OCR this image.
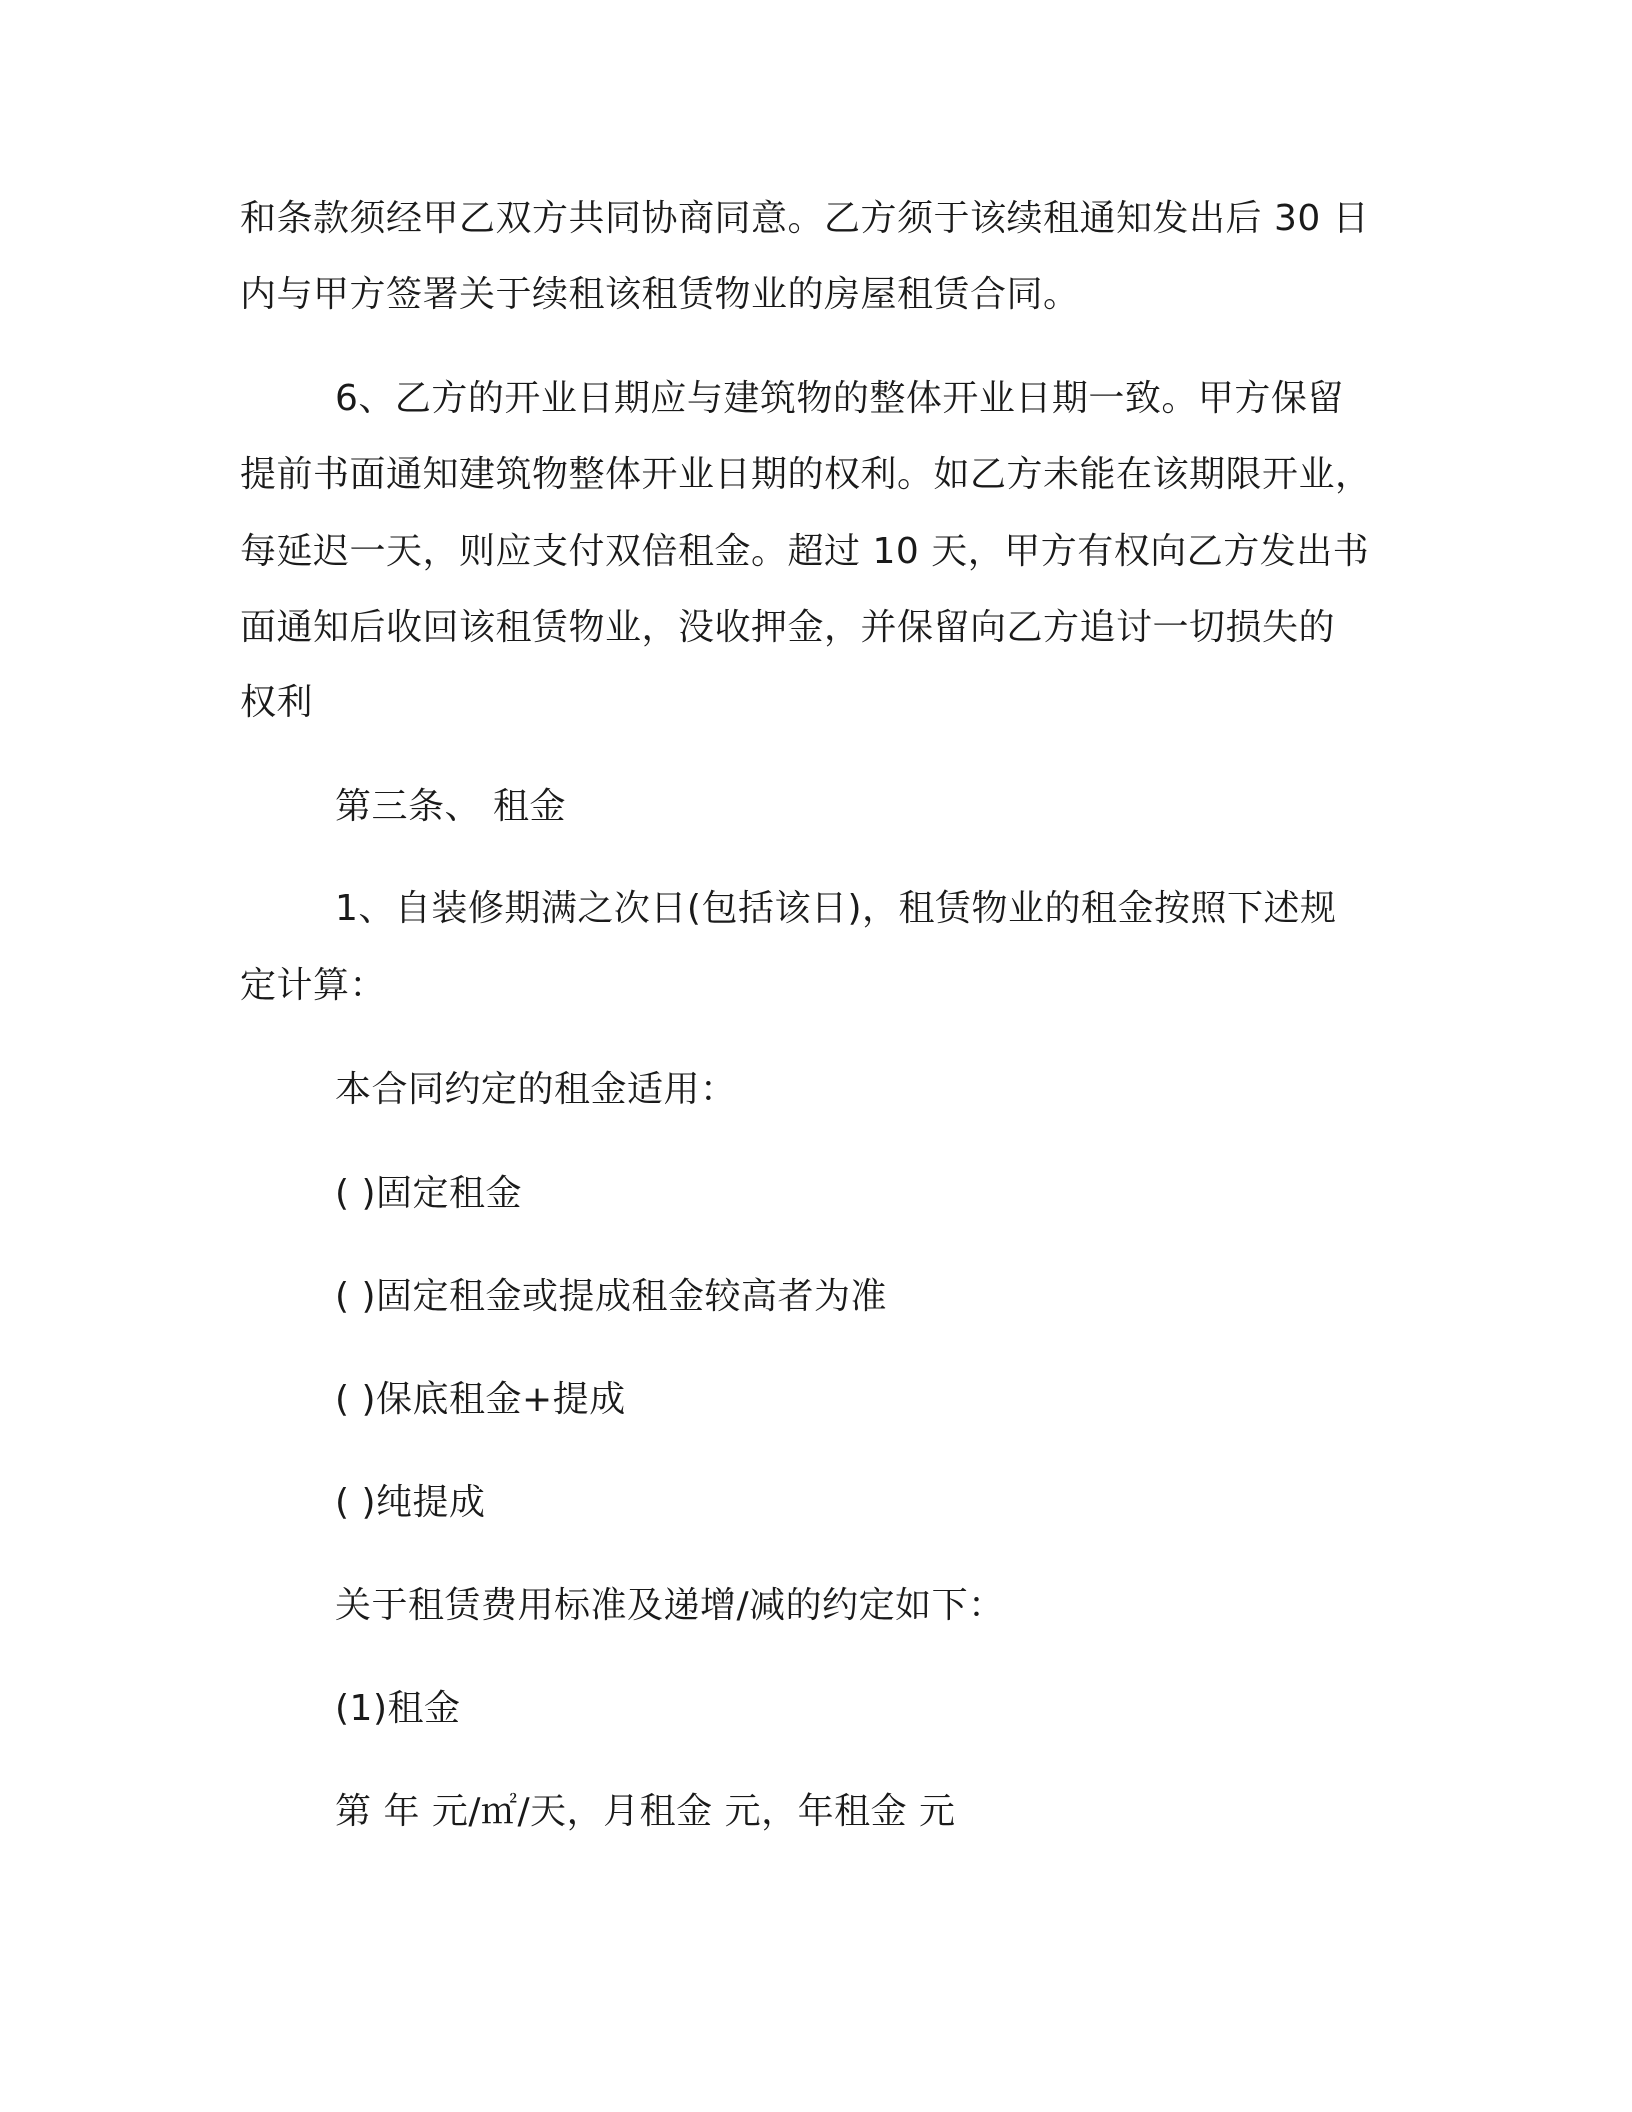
和条款须经甲乙双方共同协商同意。乙方须于该续租通知发出后 30 日
内与甲方签署关于续租该租赁物业的房屋租赁合同。
6、乙方的开业日期应与建筑物的整体开业日期一致。甲方保留
提前书面通知建筑物整体开业日期的权利。如乙方未能在该期限开业，
每延迟一天，则应支付双倍租金。超过 10 天，甲方有权向乙方发出书
面通知后收回该租赁物业，没收押金，并保留向乙方追讨一切损失的
权利
第三条、 租金
1、自装修期满之次日(包括该日)，租赁物业的租金按照下述规
定计算：
本合同约定的租金适用：
( )固定租金
( )固定租金或提成租金较高者为准
( )保底租金+提成
( )纯提成
关于租赁费用标准及递增/减的约定如下：
(1)租金
第 年 元/㎡/天，月租金 元，年租金 元
